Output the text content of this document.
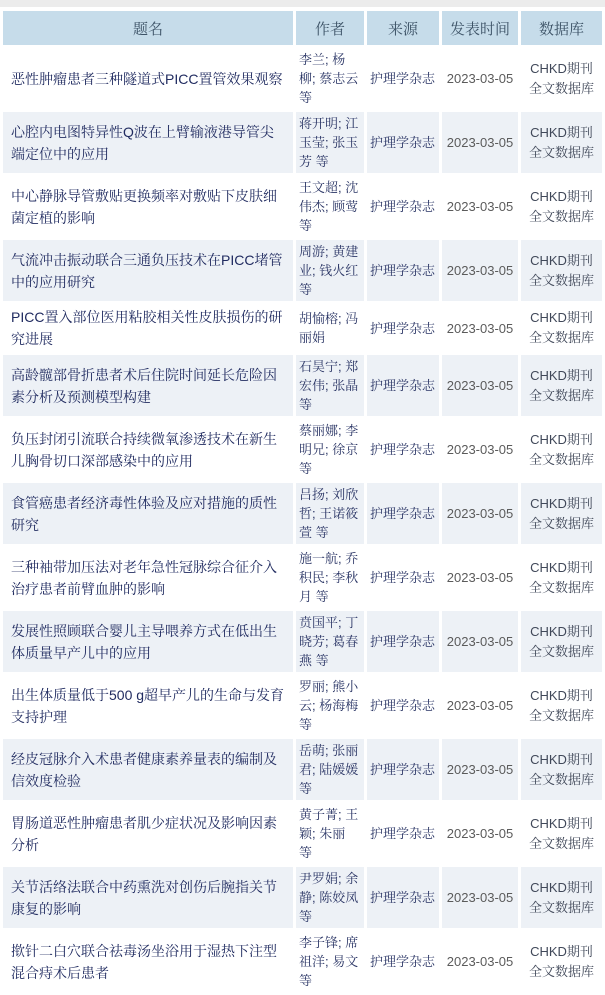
题名	作者	来源	发表时间	数据库
恶性肿瘤患者三种隧道式PICC置管效果观察	李兰; 杨柳; 蔡志云 等	护理学杂志	2023-03-05	CHKD期刊全文数据库
心腔内电图特异性Q波在上臂输液港导管尖端定位中的应用	蒋开明; 江玉莹; 张玉芳 等	护理学杂志	2023-03-05	CHKD期刊全文数据库
中心静脉导管敷贴更换频率对敷贴下皮肤细菌定植的影响	王文超; 沈伟杰; 顾莺 等	护理学杂志	2023-03-05	CHKD期刊全文数据库
气流冲击振动联合三通负压技术在PICC堵管中的应用研究	周游; 黄建业; 钱火红 等	护理学杂志	2023-03-05	CHKD期刊全文数据库
PICC置入部位医用粘胶相关性皮肤损伤的研究进展	胡愉榕; 冯丽娟	护理学杂志	2023-03-05	CHKD期刊全文数据库
高龄髋部骨折患者术后住院时间延长危险因素分析及预测模型构建	石昊宁; 郑宏伟; 张晶 等	护理学杂志	2023-03-05	CHKD期刊全文数据库
负压封闭引流联合持续微氧渗透技术在新生儿胸骨切口深部感染中的应用	蔡丽娜; 李明兄; 徐京 等	护理学杂志	2023-03-05	CHKD期刊全文数据库
食管癌患者经济毒性体验及应对措施的质性研究	吕扬; 刘欣哲; 王诺筱萱 等	护理学杂志	2023-03-05	CHKD期刊全文数据库
三种袖带加压法对老年急性冠脉综合征介入治疗患者前臂血肿的影响	施一航; 乔积民; 李秋月 等	护理学杂志	2023-03-05	CHKD期刊全文数据库
发展性照顾联合婴儿主导喂养方式在低出生体质量早产儿中的应用	贲国平; 丁晓芳; 葛春燕 等	护理学杂志	2023-03-05	CHKD期刊全文数据库
出生体质量低于500 g超早产儿的生命与发育支持护理	罗丽; 熊小云; 杨海梅 等	护理学杂志	2023-03-05	CHKD期刊全文数据库
经皮冠脉介入术患者健康素养量表的编制及信效度检验	岳萌; 张丽君; 陆媛媛 等	护理学杂志	2023-03-05	CHKD期刊全文数据库
胃肠道恶性肿瘤患者肌少症状况及影响因素分析	黄子菁; 王颖; 朱丽 等	护理学杂志	2023-03-05	CHKD期刊全文数据库
关节活络法联合中药熏洗对创伤后腕指关节康复的影响	尹罗娟; 余静; 陈姣凤 等	护理学杂志	2023-03-05	CHKD期刊全文数据库
揿针二白穴联合祛毒汤坐浴用于湿热下注型混合痔术后患者	李子锋; 席祖洋; 易文 等	护理学杂志	2023-03-05	CHKD期刊全文数据库
